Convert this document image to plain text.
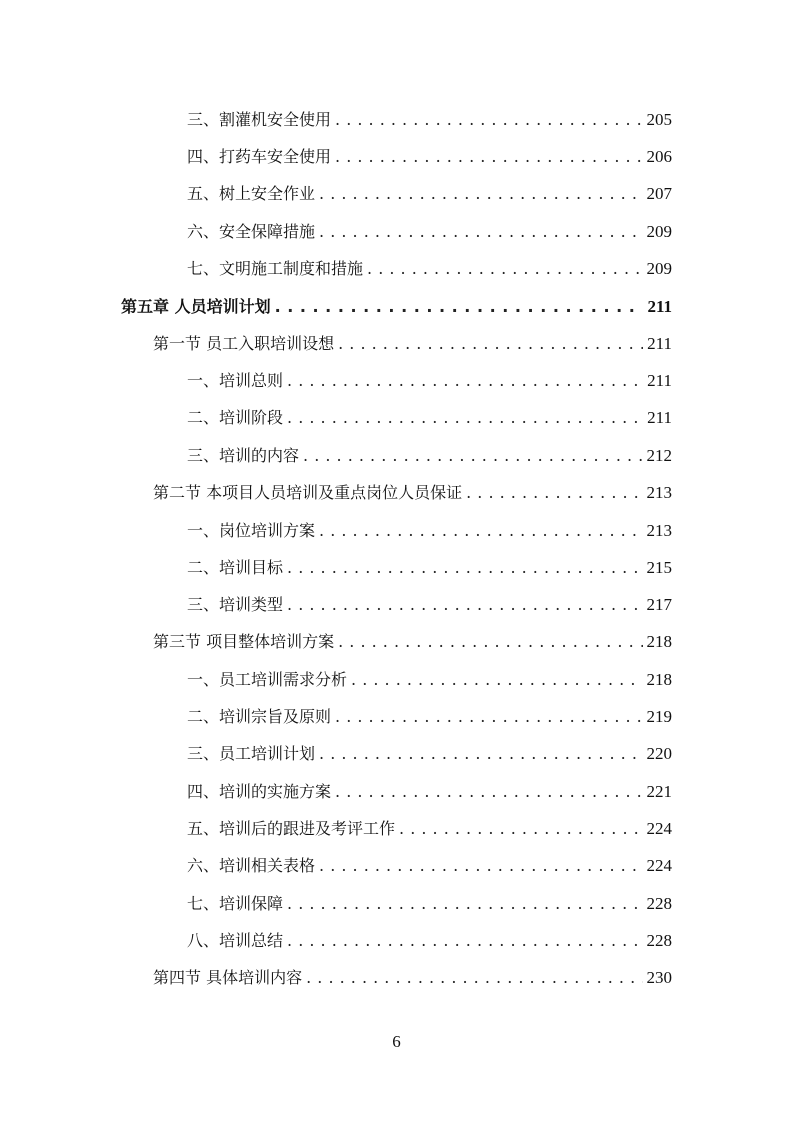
三、割灌机安全使用 . . .	205
四、打药车安全使用 . . .	206
五、树上安全作业 . . .	207
六、安全保障措施 . . .	209
七、文明施工制度和措施 . . .	209
第五章 人员培训计划 . . .	211
第一节 员工入职培训设想 . . .	211
一、培训总则 . . .	211
二、培训阶段 . . .	211
三、培训的内容 . . .	212
第二节 本项目人员培训及重点岗位人员保证 . . .	213
一、岗位培训方案 . . .	213
二、培训目标 . . .	215
三、培训类型 . . .	217
第三节 项目整体培训方案 . . .	218
一、员工培训需求分析 . . .	218
二、培训宗旨及原则 . . .	219
三、员工培训计划 . . .	220
四、培训的实施方案 . . .	221
五、培训后的跟进及考评工作 . . .	224
六、培训相关表格 . . .	224
七、培训保障 . . .	228
八、培训总结 . . .	228
第四节 具体培训内容 . . .	230
6
